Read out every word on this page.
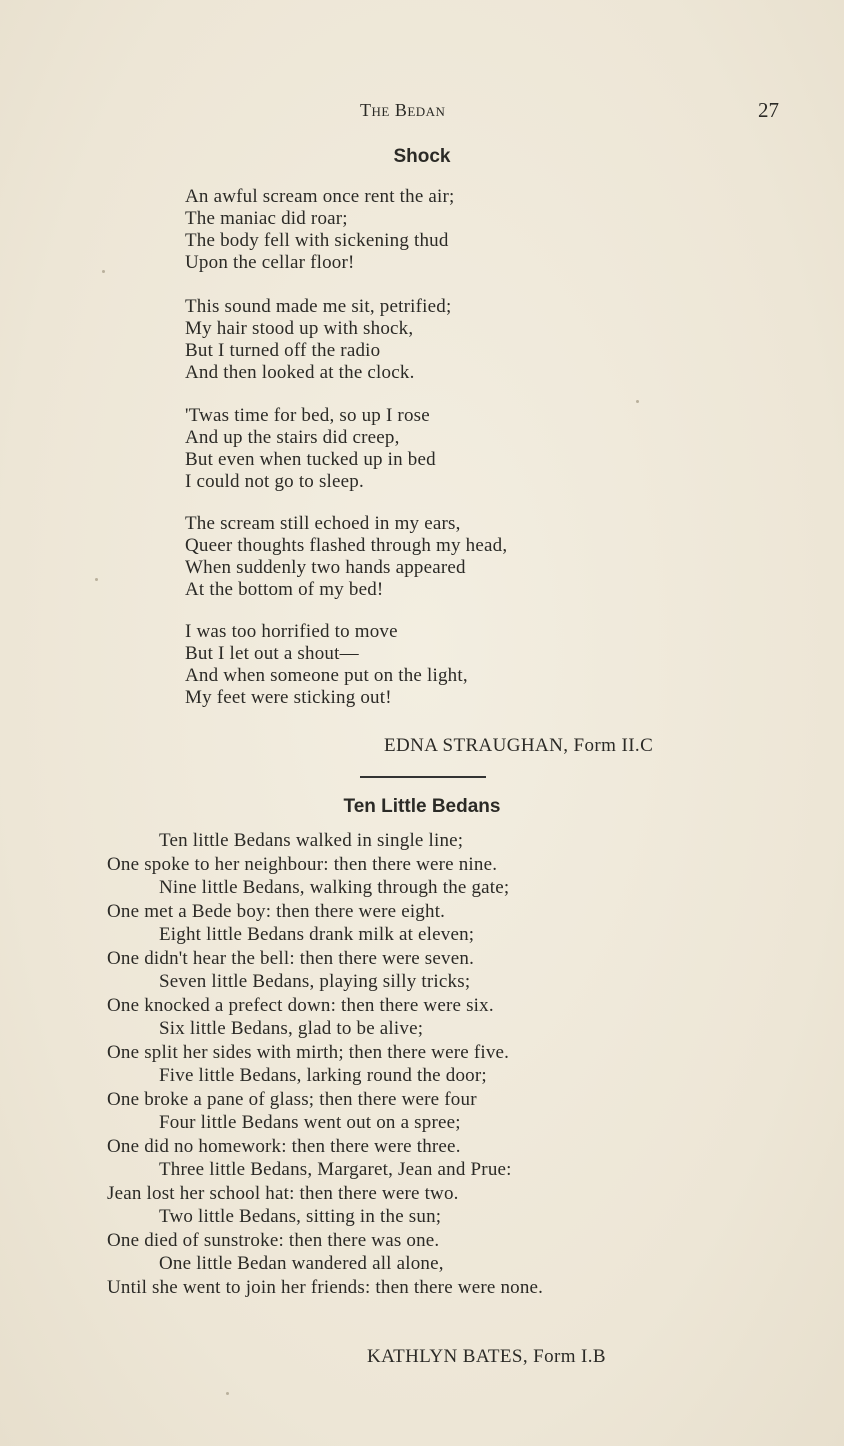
The Bedan	27
Shock
An awful scream once rent the air;
The maniac did roar;
The body fell with sickening thud
Upon the cellar floor!
This sound made me sit, petrified;
My hair stood up with shock,
But I turned off the radio
And then looked at the clock.
'Twas time for bed, so up I rose
And up the stairs did creep,
But even when tucked up in bed
I could not go to sleep.
The scream still echoed in my ears,
Queer thoughts flashed through my head,
When suddenly two hands appeared
At the bottom of my bed!
I was too horrified to move
But I let out a shout—
And when someone put on the light,
My feet were sticking out!
EDNA STRAUGHAN, Form II.C
Ten Little Bedans
Ten little Bedans walked in single line;
One spoke to her neighbour: then there were nine.
Nine little Bedans, walking through the gate;
One met a Bede boy: then there were eight.
Eight little Bedans drank milk at eleven;
One didn't hear the bell: then there were seven.
Seven little Bedans, playing silly tricks;
One knocked a prefect down: then there were six.
Six little Bedans, glad to be alive;
One split her sides with mirth; then there were five.
Five little Bedans, larking round the door;
One broke a pane of glass; then there were four
Four little Bedans went out on a spree;
One did no homework: then there were three.
Three little Bedans, Margaret, Jean and Prue:
Jean lost her school hat: then there were two.
Two little Bedans, sitting in the sun;
One died of sunstroke: then there was one.
One little Bedan wandered all alone,
Until she went to join her friends: then there were none.
KATHLYN BATES, Form I.B
